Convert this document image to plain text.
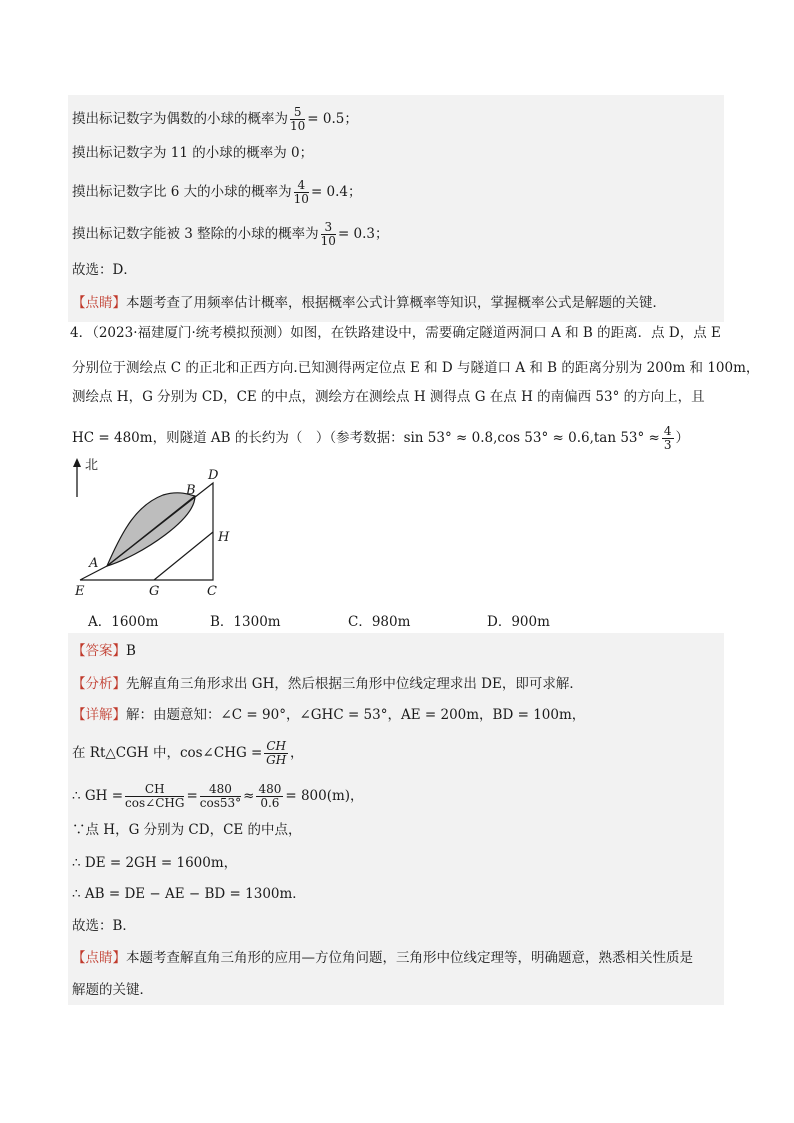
摸出标记数字为偶数的小球的概率为 $\frac{5}{10} = 0.5$；
摸出标记数字为 11 的小球的概率为 0；
摸出标记数字比 6 大的小球的概率为 $\frac{4}{10} = 0.4$；
摸出标记数字能被 3 整除的小球的概率为 $\frac{3}{10} = 0.3$；
故选：D．
【点睛】本题考查了用频率估计概率，根据概率公式计算概率等知识，掌握概率公式是解题的关键．
4．（2023·福建厦门·统考模拟预测）如图，在铁路建设中，需要确定隧道两洞口 A 和 B 的距离．点 D，点 E
分别位于测绘点 C 的正北和正西方向.已知测得两定位点 E 和 D 与隧道口 A 和 B 的距离分别为 200m 和 100m，
测绘点 H，G 分别为 CD，CE 的中点，测绘方在测绘点 H 测得点 G 在点 H 的南偏西 53° 的方向上，且
HC = 480m，则隧道 AB 的长约为（　）（参考数据：sin 53° ≈ 0.8,cos 53° ≈ 0.6,tan $53^\circ \approx \frac{4}{3}$ ）
北
D
B
H
A
E	G	C
A．1600m	B．1300m	C．980m	D．900m
【答案】B
【分析】先解直角三角形求出 GH，然后根据三角形中位线定理求出 DE，即可求解．
【详解】解：由题意知：∠C = 90°，∠GHC = 53°，AE = 200m，BD = 100m，
在 Rt△CGH 中，cos∠CHG = $\frac{CH}{GH}$ ，
∴ GH = $\frac{CH}{\text{cos∠CHG}} = \frac{480}{\cos 53^\circ} \approx \frac{480}{0.6} = 800(m)$，
∵点 H，G 分别为 CD，CE 的中点，
∴ DE = 2GH = 1600m，
∴ AB = DE − AE − BD = 1300m．
故选：B．
【点睛】本题考查解直角三角形的应用—方位角问题，三角形中位线定理等，明确题意，熟悉相关性质是
解题的关键．
